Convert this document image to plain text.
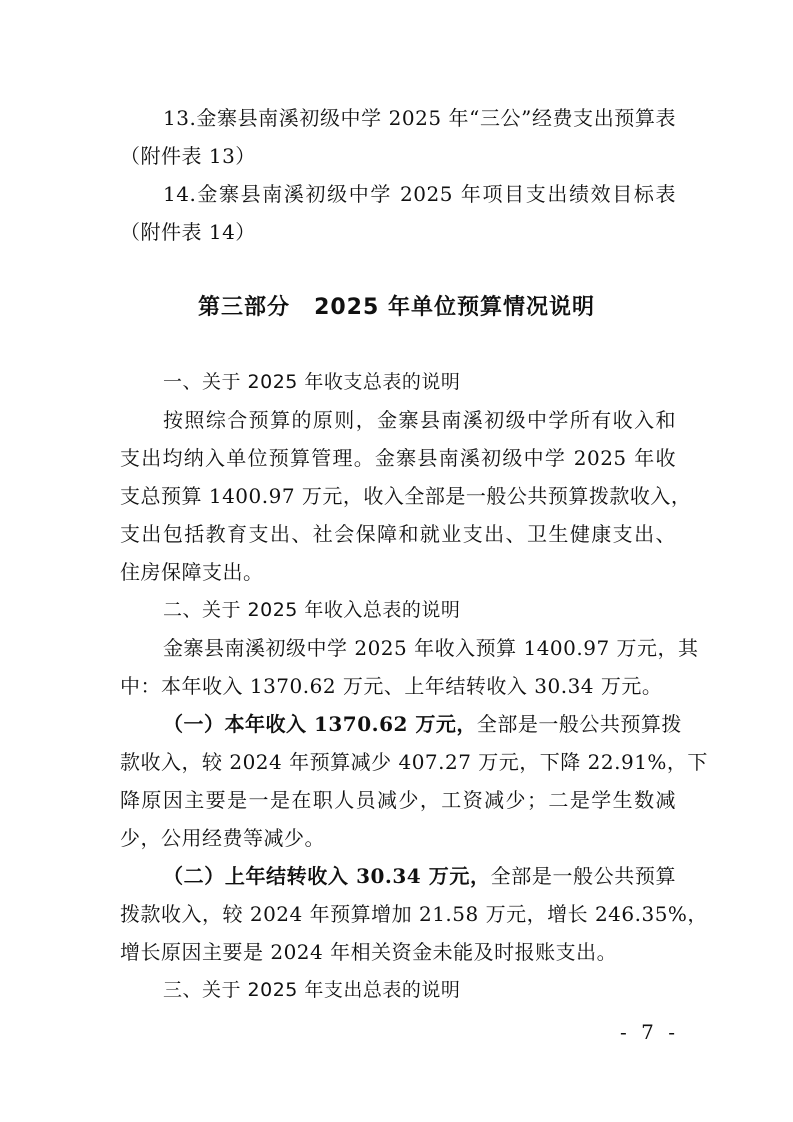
13.金寨县南溪初级中学 2025 年“三公”经费支出预算表
（附件表 13）
14.金寨县南溪初级中学 2025 年项目支出绩效目标表
（附件表 14）
第三部分 2025 年单位预算情况说明
一、关于 2025 年收支总表的说明
按照综合预算的原则，金寨县南溪初级中学所有收入和
支出均纳入单位预算管理。金寨县南溪初级中学 2025 年收
支总预算 1400.97 万元，收入全部是一般公共预算拨款收入，
支出包括教育支出、社会保障和就业支出、卫生健康支出、
住房保障支出。
二、关于 2025 年收入总表的说明
金寨县南溪初级中学 2025 年收入预算 1400.97 万元，其
中：本年收入 1370.62 万元、上年结转收入 30.34 万元。
（一）本年收入 1370.62 万元，全部是一般公共预算拨
款收入，较 2024 年预算减少 407.27 万元，下降 22.91%，下
降原因主要是一是在职人员减少，工资减少；二是学生数减
少，公用经费等减少。
（二）上年结转收入 30.34 万元，全部是一般公共预算
拨款收入，较 2024 年预算增加 21.58 万元，增长 246.35%，
增长原因主要是 2024 年相关资金未能及时报账支出。
三、关于 2025 年支出总表的说明
- 7 -
